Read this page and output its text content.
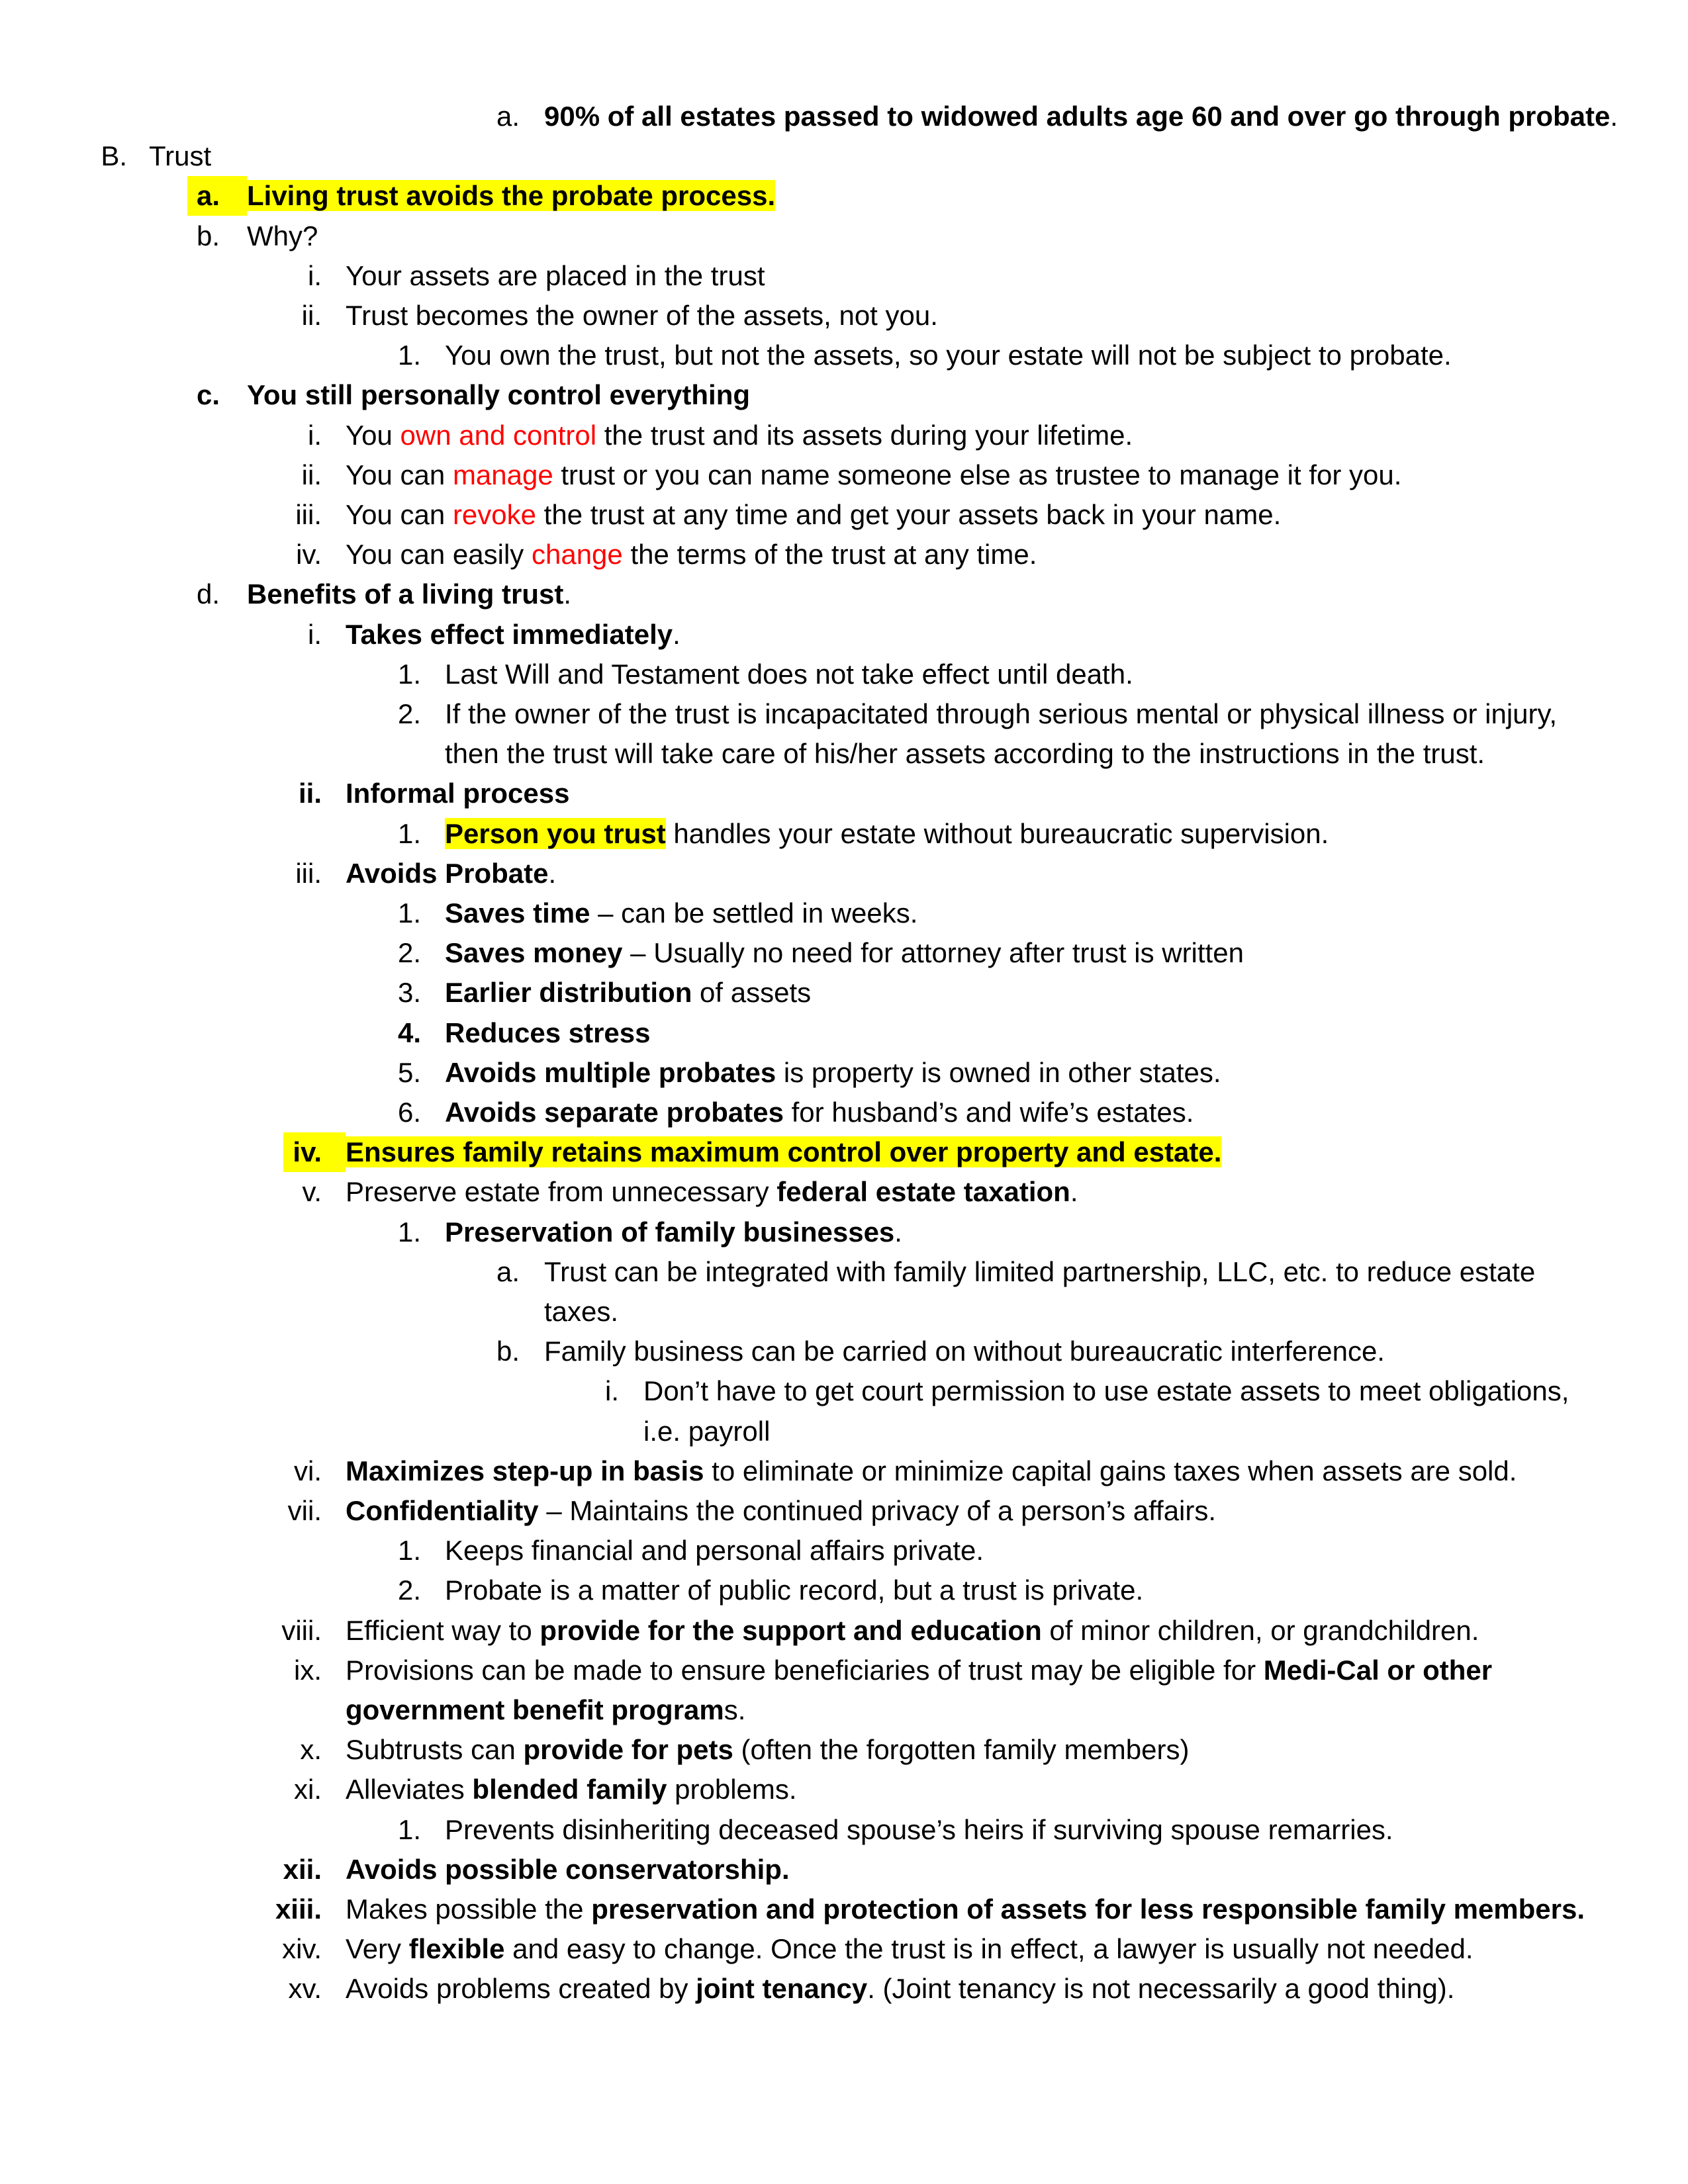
a. 90% of all estates passed to widowed adults age 60 and over go through probate.
B. Trust
a. Living trust avoids the probate process.
b. Why?
i. Your assets are placed in the trust
ii. Trust becomes the owner of the assets, not you.
1. You own the trust, but not the assets, so your estate will not be subject to probate.
c. You still personally control everything
i. You own and control the trust and its assets during your lifetime.
ii. You can manage trust or you can name someone else as trustee to manage it for you.
iii. You can revoke the trust at any time and get your assets back in your name.
iv. You can easily change the terms of the trust at any time.
d. Benefits of a living trust.
i. Takes effect immediately.
1. Last Will and Testament does not take effect until death.
2. If the owner of the trust is incapacitated through serious mental or physical illness or injury,
then the trust will take care of his/her assets according to the instructions in the trust.
ii. Informal process
1. Person you trust handles your estate without bureaucratic supervision.
iii. Avoids Probate.
1. Saves time – can be settled in weeks.
2. Saves money – Usually no need for attorney after trust is written
3. Earlier distribution of assets
4. Reduces stress
5. Avoids multiple probates is property is owned in other states.
6. Avoids separate probates for husband’s and wife’s estates.
iv. Ensures family retains maximum control over property and estate.
v. Preserve estate from unnecessary federal estate taxation.
1. Preservation of family businesses.
a. Trust can be integrated with family limited partnership, LLC, etc. to reduce estate
taxes.
b. Family business can be carried on without bureaucratic interference.
i. Don’t have to get court permission to use estate assets to meet obligations,
i.e. payroll
vi. Maximizes step-up in basis to eliminate or minimize capital gains taxes when assets are sold.
vii. Confidentiality – Maintains the continued privacy of a person’s affairs.
1. Keeps financial and personal affairs private.
2. Probate is a matter of public record, but a trust is private.
viii. Efficient way to provide for the support and education of minor children, or grandchildren.
ix. Provisions can be made to ensure beneficiaries of trust may be eligible for Medi-Cal or other
government benefit programs.
x. Subtrusts can provide for pets (often the forgotten family members)
xi. Alleviates blended family problems.
1. Prevents disinheriting deceased spouse’s heirs if surviving spouse remarries.
xii. Avoids possible conservatorship.
xiii. Makes possible the preservation and protection of assets for less responsible family members.
xiv. Very flexible and easy to change. Once the trust is in effect, a lawyer is usually not needed.
xv. Avoids problems created by joint tenancy. (Joint tenancy is not necessarily a good thing).
